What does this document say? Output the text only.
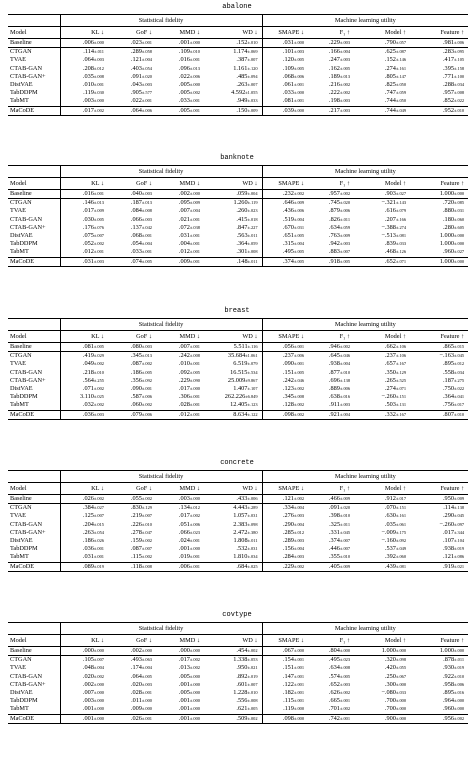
abalone
	Statistical fidelity				Machine learning utility			
Model	KL ↓	GoF ↓	MMD ↓	WD ↓	SMAPE ↓	F₁ ↑	Model ↑	Feature ↑
Baseline	.006±.000	.023±.001	.001±.000	.152±.010	.031±.000	.229±.003	.790±.057	.981±.006
CTGAN	.114±.011	.289±.058	.109±.010	1.174±.069	.101±.003	.166±.004	.625±.087	.283±.095
TVAE	.064±.003	.121±.004	.016±.001	.387±.007	.120±.005	.247±.003	.152±.146	.417±.105
CTAB-GAN	.208±.012	.403±.054	.096±.013	1.161±.120	.109±.005	.162±.005	.274±.161	.395±.158
CTAB-GAN+	.035±.008	.091±.020	.022±.006	.485±.094	.068±.006	.189±.013	.805±.147	.771±.100
DistVAE	.010±.001	.043±.003	.005±.000	.263±.007	.061±.001	.216±.002	.825±.050	.288±.034
TabDDPM	.119±.030	.905±.577	.005±.002	4.592±1.055	.033±.000	.222±.002	.747±.059	.957±.008
TabMT	.003±.000	.022±.001	.033±.001	.949±.033	.081±.001	.198±.003	.744±.050	.852±.022
MaCoDE	.017±.002	.064±.006	.005±.001	.150±.009	.039±.000	.217±.003	.744±.049	.952±.010
banknote
	Statistical fidelity				Machine learning utility			
Model	KL ↓	GoF ↓	MMD ↓	WD ↓	SMAPE ↓	F₁ ↑	Model ↑	Feature ↑
Baseline	.016±.001	.040±.003	.002±.000	.059±.004	.232±.002	.957±.002	.903±.027	1.000±.000
CTGAN	.146±.013	.187±.013	.095±.009	1.260±.119	.646±.009	.745±.020	−.321±.143	.720±.085
TVAE	.017±.009	.084±.008	.007±.004	.260±.023	.436±.006	.879±.006	.616±.079	.880±.031
CTAB-GAN	.030±.005	.066±.003	.021±.001	.415±.018	.519±.004	.826±.011	.207±.166	.180±.060
CTAB-GAN+	.176±.076	.137±.042	.072±.038	.847±.227	.670±.031	.634±.059	−.388±.274	.280±.605
DistVAE	.075±.007	.068±.001	.031±.001	.563±.011	.651±.005	.763±.009	−.513±.081	1.000±.000
TabDDPM	.052±.002	.054±.004	.004±.001	.364±.059	.315±.004	.942±.003	.839±.033	1.000±.000
TabMT	.012±.001	.033±.001	.012±.001	.301±.008	.495±.005	.883±.007	.468±.126	.960±.027
MaCoDE	.031±.003	.074±.005	.009±.001	.148±.011	.374±.005	.918±.005	.652±.071	1.000±.000
breast
	Statistical fidelity				Machine learning utility			
Model	KL ↓	GoF ↓	MMD ↓	WD ↓	SMAPE ↓	F₁ ↑	Model ↑	Feature ↑
Baseline	.081±.005	.080±.003	.007±.001	5.511±.116	.056±.001	.946±.002	.662±.106	.865±.015
CTGAN	.419±.029	.345±.013	.242±.008	35.684±1.061	.237±.006	.645±.046	.237±.106	−.163±.045
TVAE	.049±.002	.087±.002	.010±.001	6.519±.079	.090±.001	.938±.004	.657±.167	.895±.012
CTAB-GAN	.218±.010	.186±.005	.092±.005	16.515±.534	.151±.005	.877±.010	.350±.129	.558±.034
CTAB-GAN+	.564±.255	.356±.092	.229±.090	25.009±9.867	.242±.046	.696±.138	.265±.525	.187±.275
DistVAE	.071±.002	.090±.001	.017±.000	1.407±.107	.123±.002	.889±.006	.274±.071	.750±.022
TabDDPM	3.110±.025	.587±.006	.306±.001	262.226±6.849	.345±.008	.638±.016	−.260±.151	.364±.041
TabMT	.032±.002	.060±.002	.028±.001	12.405±.123	.128±.002	.911±.003	.503±.131	.756±.017
MaCoDE	.036±.003	.079±.006	.012±.001	8.634±.122	.098±.002	.921±.004	.332±.167	.807±.010
concrete
	Statistical fidelity				Machine learning utility			
Model	KL ↓	GoF ↓	MMD ↓	WD ↓	SMAPE ↓	F₁ ↑	Model ↑	Feature ↑
Baseline	.026±.002	.055±.002	.003±.000	.433±.006	.121±.002	.466±.009	.912±.017	.950±.009
CTGAN	.384±.027	.830±.129	.134±.012	4.443±.289	.334±.004	.091±.020	.070±.151	.114±.138
TVAE	.125±.007	.219±.007	.017±.002	1.057±.031	.276±.003	.398±.010	.630±.161	.290±.045
CTAB-GAN	.204±.015	.226±.010	.051±.006	2.383±.098	.290±.004	.325±.011	.035±.061	−.260±.097
CTAB-GAN+	.263±.054	.278±.047	.066±.023	2.472±.380	.285±.012	.331±.045	−.009±.175	.017±.344
DistVAE	.186±.026	.159±.002	.024±.001	1.808±.011	.289±.003	.374±.007	−.160±.092	.107±.104
TabDDPM	.036±.001	.087±.007	.001±.000	.532±.031	.156±.004	.446±.007	.537±.049	.938±.019
TabMT	.031±.001	.115±.002	.019±.001	1.810±.034	.284±.003	.355±.010	.392±.060	.121±.086
MaCoDE	.089±.019	.118±.008	.006±.001	.684±.025	.229±.002	.405±.009	.439±.081	.919±.021
covtype
	Statistical fidelity				Machine learning utility			
Model	KL ↓	GoF ↓	MMD ↓	WD ↓	SMAPE ↓	F₁ ↑	Model ↑	Feature ↑
Baseline	.000±.000	.002±.000	.000±.000	.454±.002	.067±.000	.804±.000	1.000±.000	1.000±.000
CTGAN	.105±.007	.493±.063	.017±.002	1.338±.053	.154±.001	.495±.023	.320±.098	.878±.011
TVAE	.048±.004	.174±.004	.013±.002	.950±.021	.151±.001	.634±.008	.420±.055	.930±.019
CTAB-GAN	.020±.002	.064±.005	.005±.000	.892±.019	.147±.001	.574±.005	.250±.067	.922±.010
CTAB-GAN+	.002±.000	.020±.003	.001±.000	.601±.007	.122±.001	.652±.003	.300±.000	.958±.006
DistVAE	.007±.000	.028±.001	.005±.000	1.228±.010	.182±.001	.626±.002	−.080±.033	.895±.016
TabDDPM	.003±.000	.011±.000	.001±.000	.556±.008	.115±.001	.665±.001	.700±.000	.964±.000
TabMT	.001±.000	.009±.000	.001±.000	.621±.005	.119±.000	.701±.002	.700±.000	.960±.000
MaCoDE	.001±.000	.026±.001	.001±.000	.509±.002	.098±.000	.742±.001	.900±.000	.956±.002
